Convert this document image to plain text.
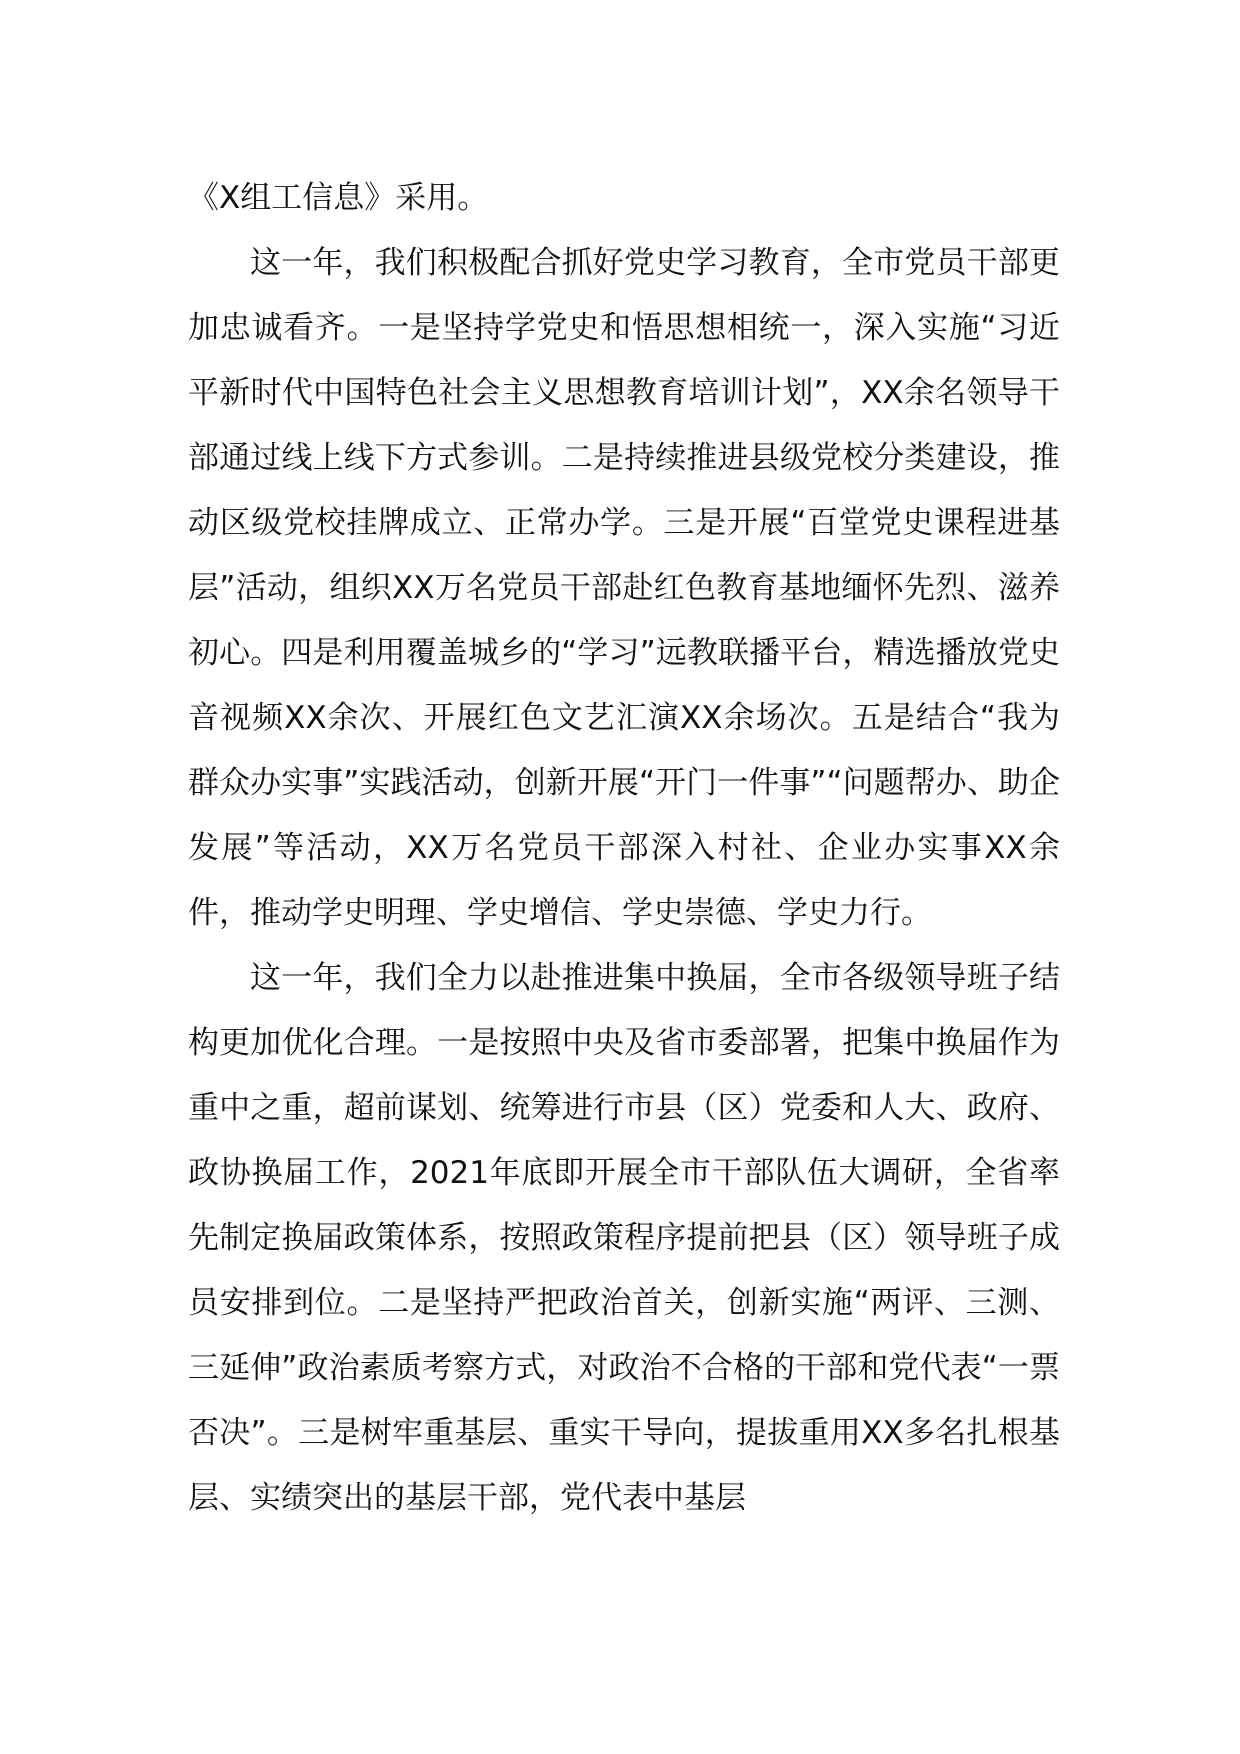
《X组工信息》采用。

这一年，我们积极配合抓好党史学习教育，全市党员干部更加忠诚看齐。一是坚持学党史和悟思想相统一，深入实施“习近平新时代中国特色社会主义思想教育培训计划”，XX余名领导干部通过线上线下方式参训。二是持续推进县级党校分类建设，推动区级党校挂牌成立、正常办学。三是开展“百堂党史课程进基层”活动，组织XX万名党员干部赴红色教育基地缅怀先烈、滋养初心。四是利用覆盖城乡的“学习”远教联播平台，精选播放党史音视频XX余次、开展红色文艺汇演XX余场次。五是结合“我为群众办实事”实践活动，创新开展“开门一件事”“问题帮办、助企发展”等活动，XX万名党员干部深入村社、企业办实事XX余件，推动学史明理、学史增信、学史崇德、学史力行。

这一年，我们全力以赴推进集中换届，全市各级领导班子结构更加优化合理。一是按照中央及省市委部署，把集中换届作为重中之重，超前谋划、统筹进行市县（区）党委和人大、政府、政协换届工作，2021年底即开展全市干部队伍大调研，全省率先制定换届政策体系，按照政策程序提前把县（区）领导班子成员安排到位。二是坚持严把政治首关，创新实施“两评、三测、三延伸”政治素质考察方式，对政治不合格的干部和党代表“一票否决”。三是树牢重基层、重实干导向，提拔重用XX多名扎根基层、实绩突出的基层干部，党代表中基层
